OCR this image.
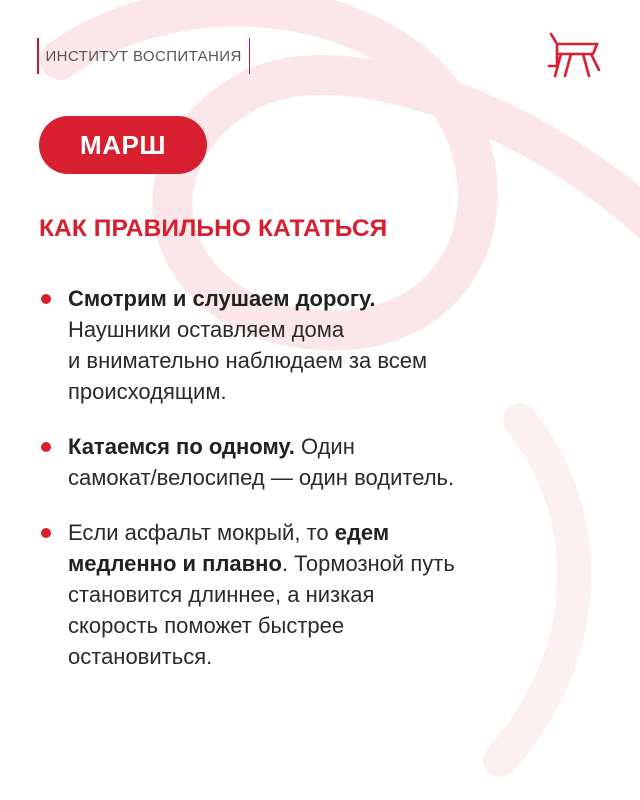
ИНСТИТУТ ВОСПИТАНИЯ
МАРШ
КАК ПРАВИЛЬНО КАТАТЬСЯ
Смотрим и слушаем дорогу.
Наушники оставляем дома
и внимательно наблюдаем за всем
происходящим.
Катаемся по одному. Один
самокат/велосипед — один водитель.
Если асфальт мокрый, то едем
медленно и плавно. Тормозной путь
становится длиннее, а низкая
скорость поможет быстрее
остановиться.
